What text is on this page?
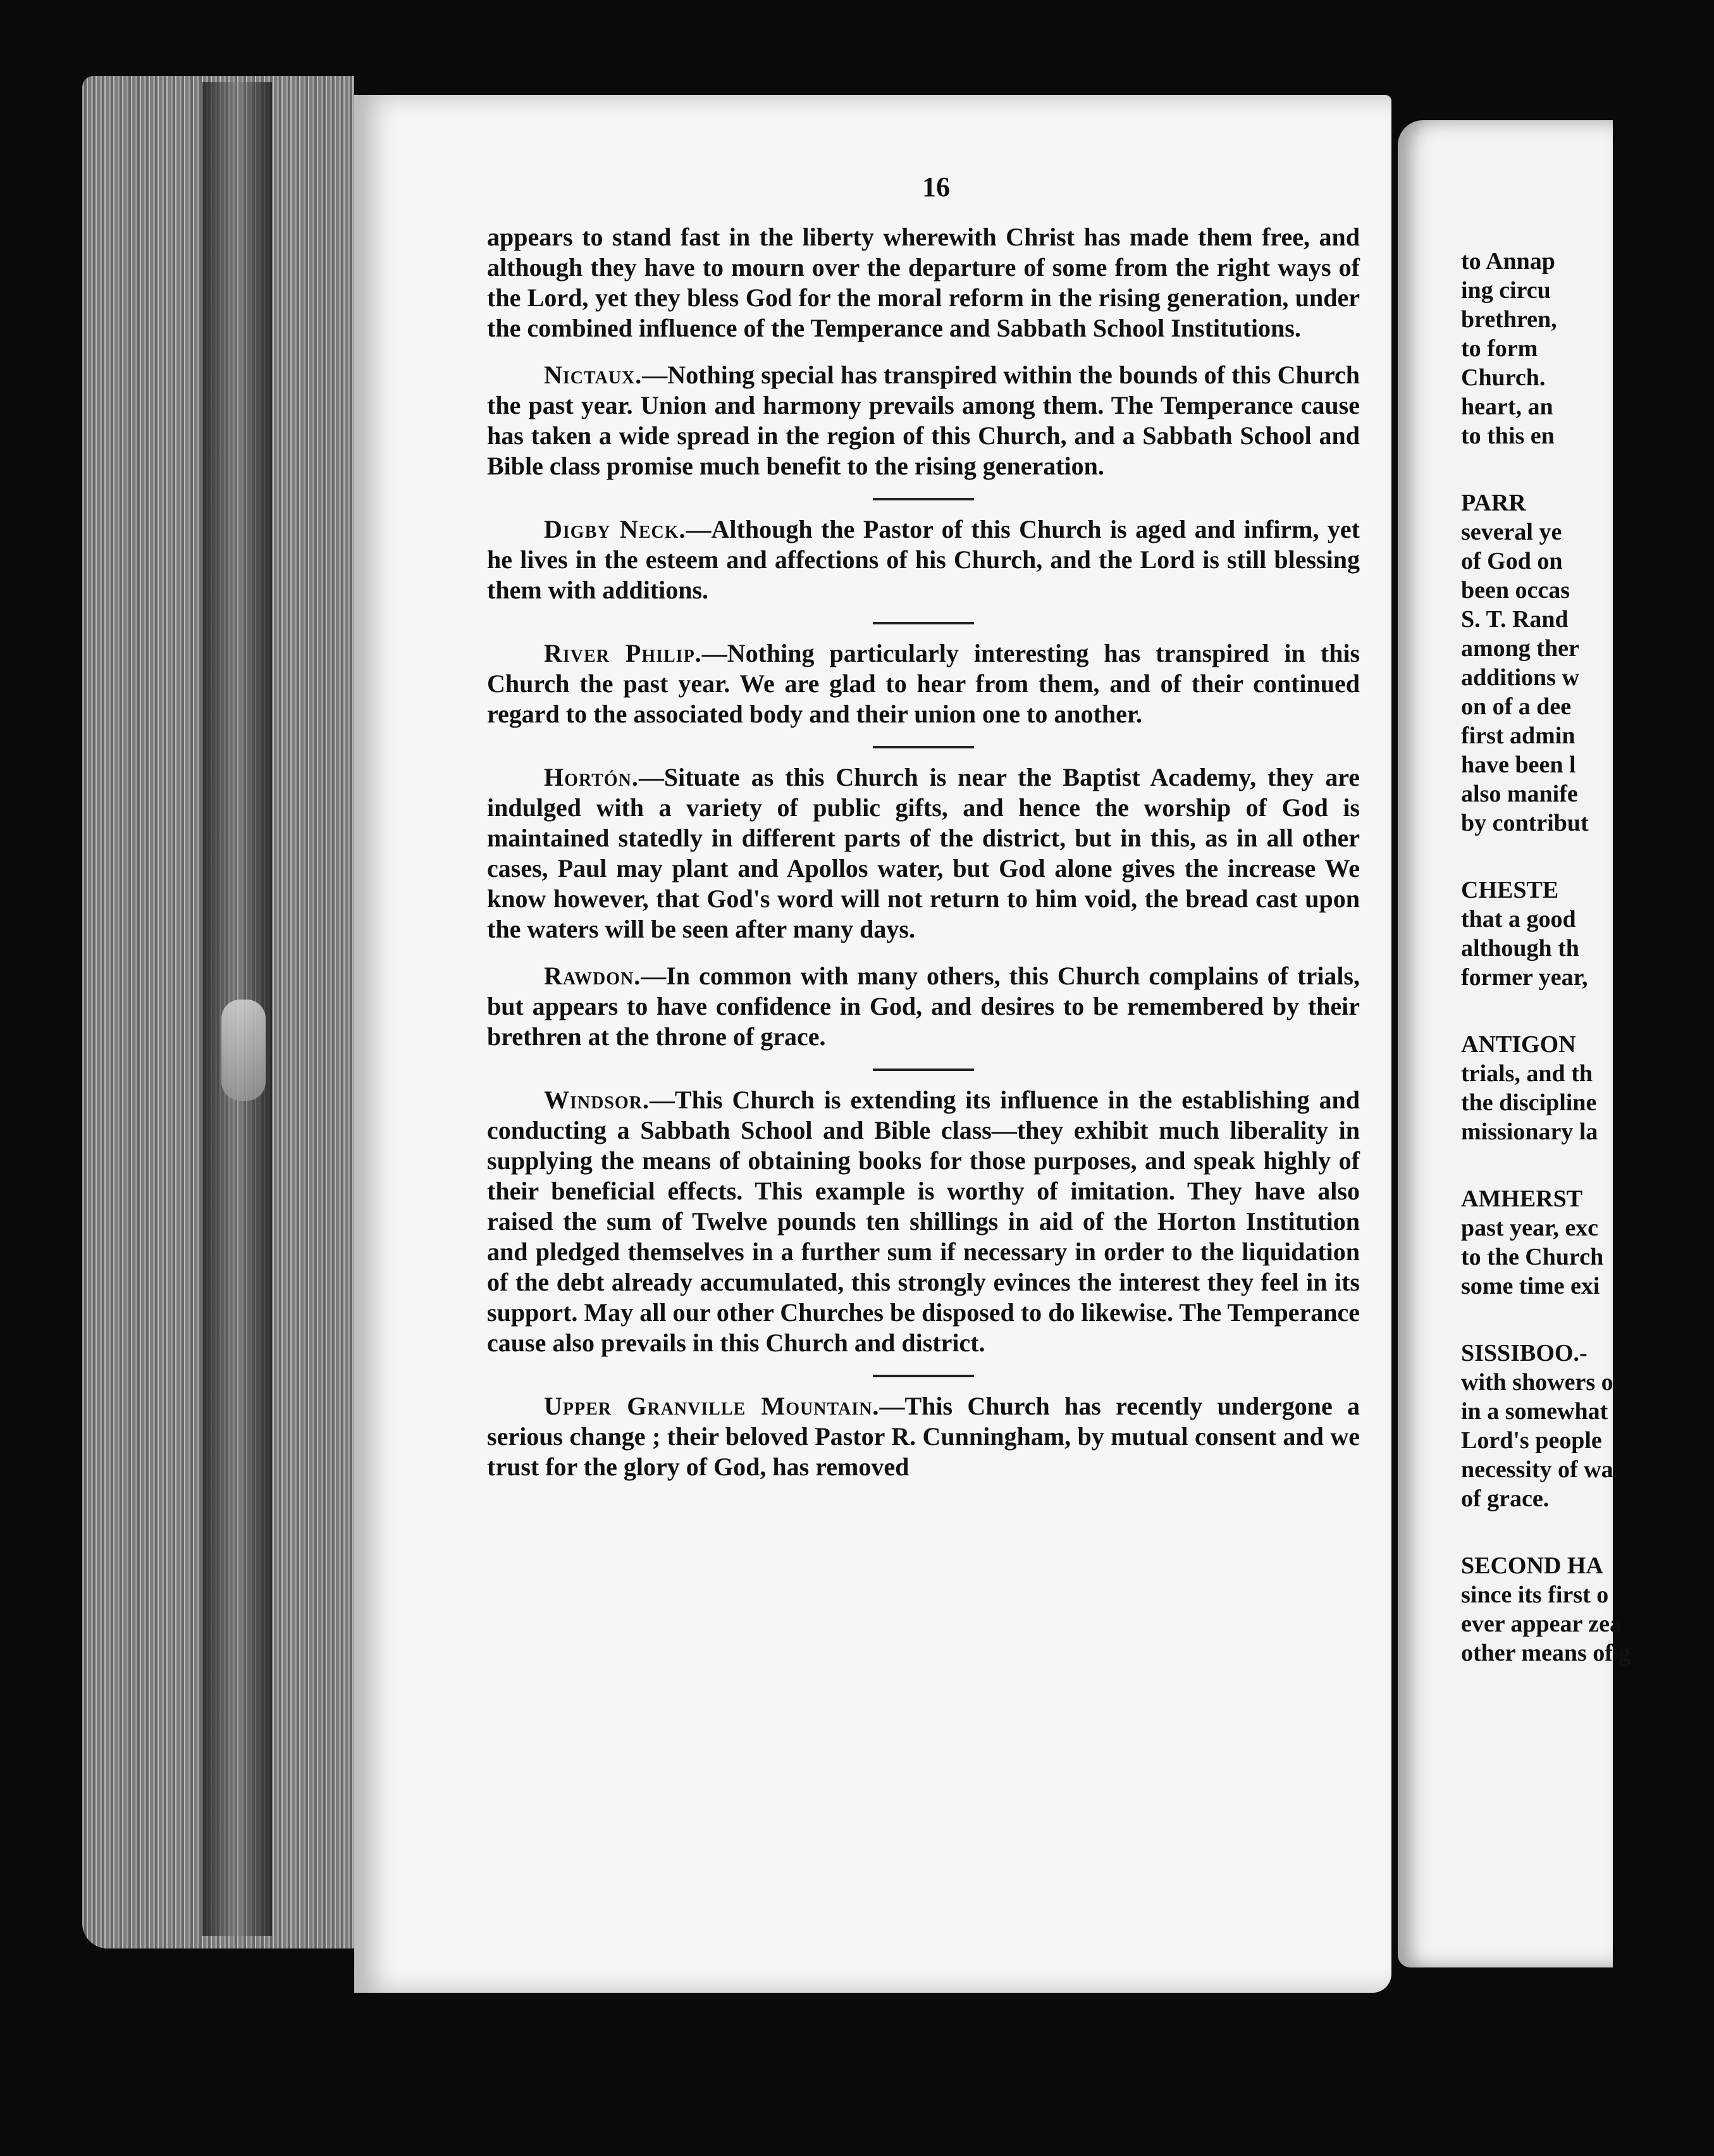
16

appears to stand fast in the liberty wherewith Christ has made them free, and although they have to mourn over the departure of some from the right ways of the Lord, yet they bless God for the moral reform in the rising generation, under the combined influence of the Temperance and Sabbath School Institutions.

Nictaux.—Nothing special has transpired within the bounds of this Church the past year. Union and harmony prevails among them. The Temperance cause has taken a wide spread in the region of this Church, and a Sabbath School and Bible class promise much benefit to the rising generation.

Digby Neck.—Although the Pastor of this Church is aged and infirm, yet he lives in the esteem and affections of his Church, and the Lord is still blessing them with additions.

River Philip.—Nothing particularly interesting has transpired in this Church the past year. We are glad to hear from them, and of their continued regard to the associated body and their union one to another.

Hortón.—Situate as this Church is near the Baptist Academy, they are indulged with a variety of public gifts, and hence the worship of God is maintained statedly in different parts of the district, but in this, as in all other cases, Paul may plant and Apollos water, but God alone gives the increase We know however, that God's word will not return to him void, the bread cast upon the waters will be seen after many days.

Rawdon.—In common with many others, this Church complains of trials, but appears to have confidence in God, and desires to be remembered by their brethren at the throne of grace.

Windsor.—This Church is extending its influence in the establishing and conducting a Sabbath School and Bible class—they exhibit much liberality in supplying the means of obtaining books for those purposes, and speak highly of their beneficial effects. This example is worthy of imitation. They have also raised the sum of Twelve pounds ten shillings in aid of the Horton Institution and pledged themselves in a further sum if necessary in order to the liquidation of the debt already accumulated, this strongly evinces the interest they feel in its support. May all our other Churches be disposed to do likewise. The Temperance cause also prevails in this Church and district.

Upper Granville Mountain.—This Church has recently undergone a serious change ; their beloved Pastor R. Cunningham, by mutual consent and we trust for the glory of God, has removed

to Annap
ing circu
brethren,
to form
Church.
heart, an
to this en
PARR
several ye
of God on
been occas
S. T. Rand
among ther
additions w
on of a dee
first admin
have been l
also manife
by contribut
CHESTE
that a good
although th
former year,
ANTIGON
trials, and th
the discipline
missionary la
AMHERST
past year, exc
to the Church
some time exi
SISSIBOO.-
with showers o
in a somewhat
Lord's people
necessity of wa
of grace.
SECOND HA
since its first o
ever appear zea
other means of g
